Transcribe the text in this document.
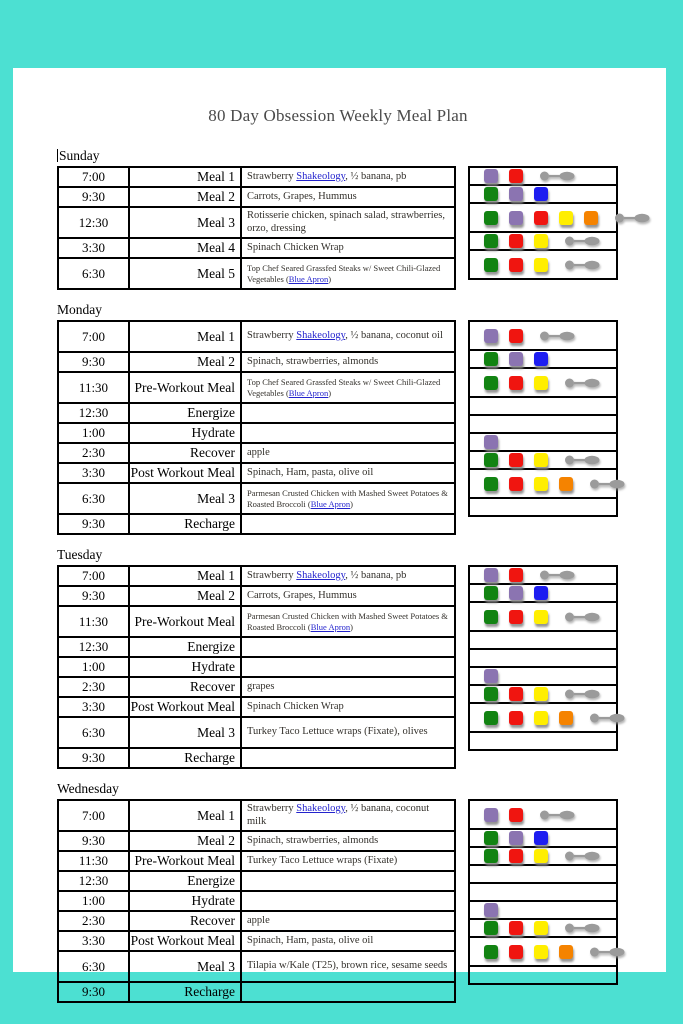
80 Day Obsession Weekly Meal Plan
Sunday
7:00	Meal 1	Strawberry Shakeology, ½ banana, pb
9:30	Meal 2	Carrots, Grapes, Hummus
12:30	Meal 3	Rotisserie chicken, spinach salad, strawberries, orzo, dressing
3:30	Meal 4	Spinach Chicken Wrap
6:30	Meal 5	Top Chef Seared Grassfed Steaks w/ Sweet Chili-Glazed Vegetables (Blue Apron)

Monday
7:00	Meal 1	Strawberry Shakeology, ½ banana, coconut oil
9:30	Meal 2	Spinach, strawberries, almonds
11:30	Pre-Workout Meal	Top Chef Seared Grassfed Steaks w/ Sweet Chili-Glazed Vegetables (Blue Apron)
12:30	Energize	
1:00	Hydrate	
2:30	Recover	apple
3:30	Post Workout Meal	Spinach, Ham, pasta, olive oil
6:30	Meal 3	Parmesan Crusted Chicken with Mashed Sweet Potatoes & Roasted Broccoli (Blue Apron)
9:30	Recharge	

Tuesday
7:00	Meal 1	Strawberry Shakeology, ½ banana, pb
9:30	Meal 2	Carrots, Grapes, Hummus
11:30	Pre-Workout Meal	Parmesan Crusted Chicken with Mashed Sweet Potatoes & Roasted Broccoli (Blue Apron)
12:30	Energize	
1:00	Hydrate	
2:30	Recover	grapes
3:30	Post Workout Meal	Spinach Chicken Wrap
6:30	Meal 3	Turkey Taco Lettuce wraps (Fixate), olives
9:30	Recharge	

Wednesday
7:00	Meal 1	Strawberry Shakeology, ½ banana, coconut milk
9:30	Meal 2	Spinach, strawberries, almonds
11:30	Pre-Workout Meal	Turkey Taco Lettuce wraps (Fixate)
12:30	Energize	
1:00	Hydrate	
2:30	Recover	apple
3:30	Post Workout Meal	Spinach, Ham, pasta, olive oil
6:30	Meal 3	Tilapia w/Kale (T25), brown rice, sesame seeds
9:30	Recharge	
